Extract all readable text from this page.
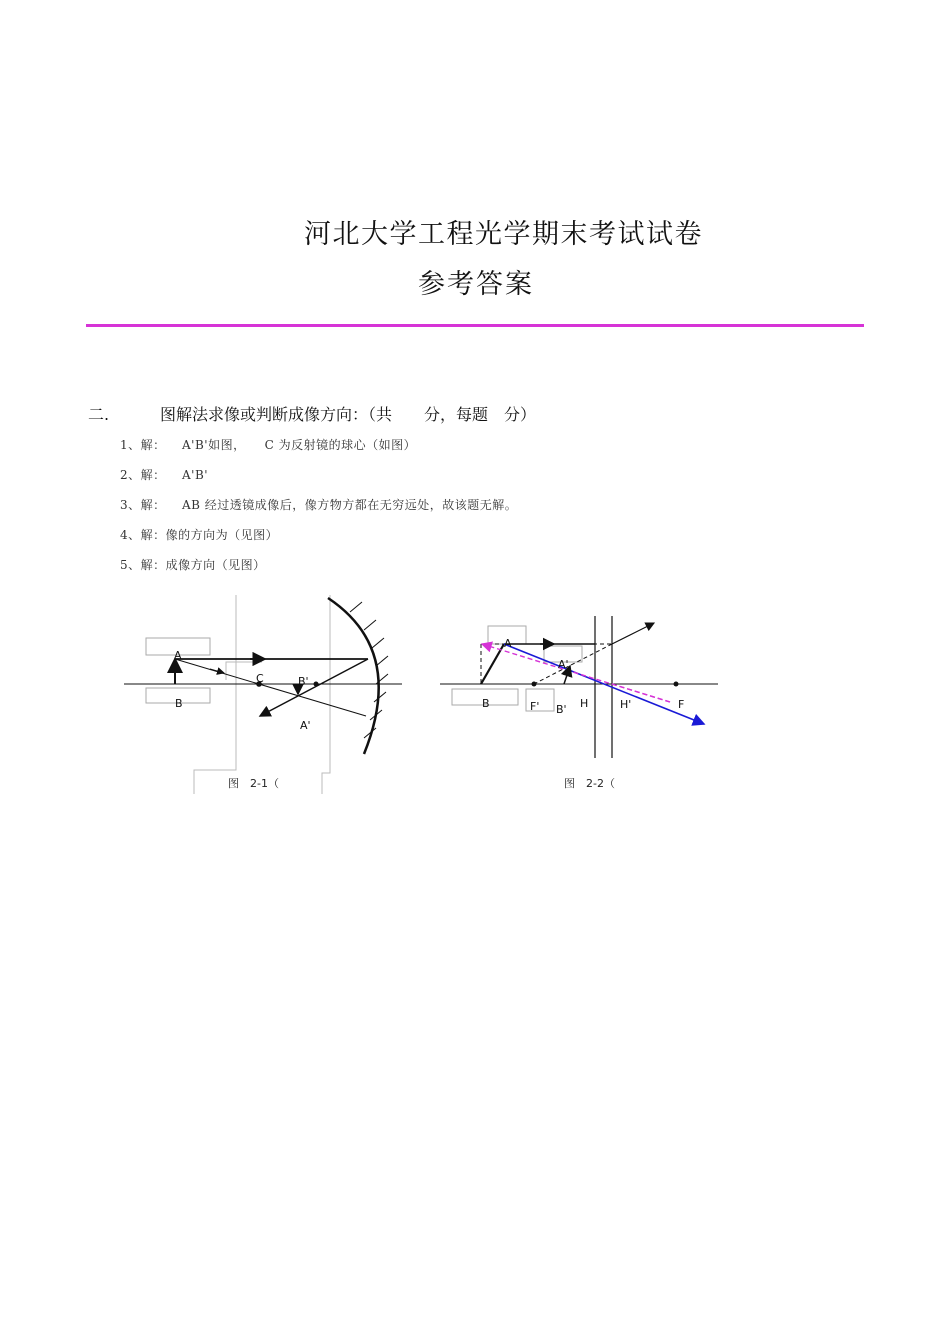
河北大学工程光学期末考试试卷
参考答案
二.	图解法求像或判断成像方向：（共　　分，每题　分）
1、解： A'B'如图，　　C 为反射镜的球心（如图）
2、解： A'B'
3、解： AB 经过透镜成像后，像方物方都在无穷远处，故该题无解。
4、解：像的方向为（见图）
5、解：成像方向（见图）
A
B
C	B'
A'
图　2-1（
A
A'
B	F' B' H	H'	F
图　2-2（
